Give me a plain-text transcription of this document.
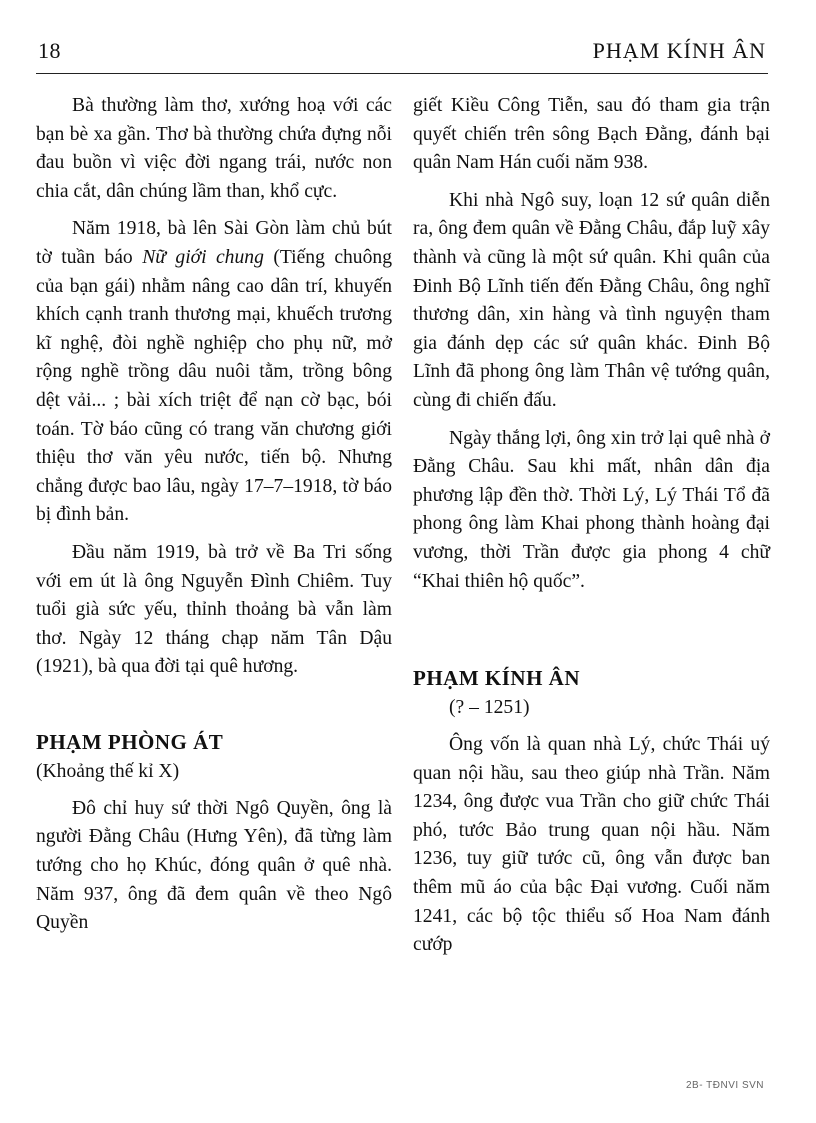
18	PHẠM KÍNH ÂN

Bà thường làm thơ, xướng hoạ với các bạn bè xa gần. Thơ bà thường chứa đựng nỗi đau buồn vì việc đời ngang trái, nước non chia cắt, dân chúng lầm than, khổ cực.

Năm 1918, bà lên Sài Gòn làm chủ bút tờ tuần báo Nữ giới chung (Tiếng chuông của bạn gái) nhằm nâng cao dân trí, khuyến khích cạnh tranh thương mại, khuếch trương kĩ nghệ, đòi nghề nghiệp cho phụ nữ, mở rộng nghề trồng dâu nuôi tằm, trồng bông dệt vải... ; bài xích triệt để nạn cờ bạc, bói toán. Tờ báo cũng có trang văn chương giới thiệu thơ văn yêu nước, tiến bộ. Nhưng chẳng được bao lâu, ngày 17–7–1918, tờ báo bị đình bản.

Đầu năm 1919, bà trở về Ba Tri sống với em út là ông Nguyễn Đình Chiêm. Tuy tuổi già sức yếu, thỉnh thoảng bà vẫn làm thơ. Ngày 12 tháng chạp năm Tân Dậu (1921), bà qua đời tại quê hương.

PHẠM PHÒNG ÁT
(Khoảng thế kỉ X)

Đô chỉ huy sứ thời Ngô Quyền, ông là người Đằng Châu (Hưng Yên), đã từng làm tướng cho họ Khúc, đóng quân ở quê nhà. Năm 937, ông đã đem quân về theo Ngô Quyền

giết Kiều Công Tiễn, sau đó tham gia trận quyết chiến trên sông Bạch Đằng, đánh bại quân Nam Hán cuối năm 938.

Khi nhà Ngô suy, loạn 12 sứ quân diễn ra, ông đem quân về Đằng Châu, đắp luỹ xây thành và cũng là một sứ quân. Khi quân của Đinh Bộ Lĩnh tiến đến Đằng Châu, ông nghĩ thương dân, xin hàng và tình nguyện tham gia đánh dẹp các sứ quân khác. Đinh Bộ Lĩnh đã phong ông làm Thân vệ tướng quân, cùng đi chiến đấu.

Ngày thắng lợi, ông xin trở lại quê nhà ở Đằng Châu. Sau khi mất, nhân dân địa phương lập đền thờ. Thời Lý, Lý Thái Tổ đã phong ông làm Khai phong thành hoàng đại vương, thời Trần được gia phong 4 chữ “Khai thiên hộ quốc”.

PHẠM KÍNH ÂN
(? – 1251)

Ông vốn là quan nhà Lý, chức Thái uý quan nội hầu, sau theo giúp nhà Trần. Năm 1234, ông được vua Trần cho giữ chức Thái phó, tước Bảo trung quan nội hầu. Năm 1236, tuy giữ tước cũ, ông vẫn được ban thêm mũ áo của bậc Đại vương. Cuối năm 1241, các bộ tộc thiểu số Hoa Nam đánh cướp

2B- TĐNVI SVN
